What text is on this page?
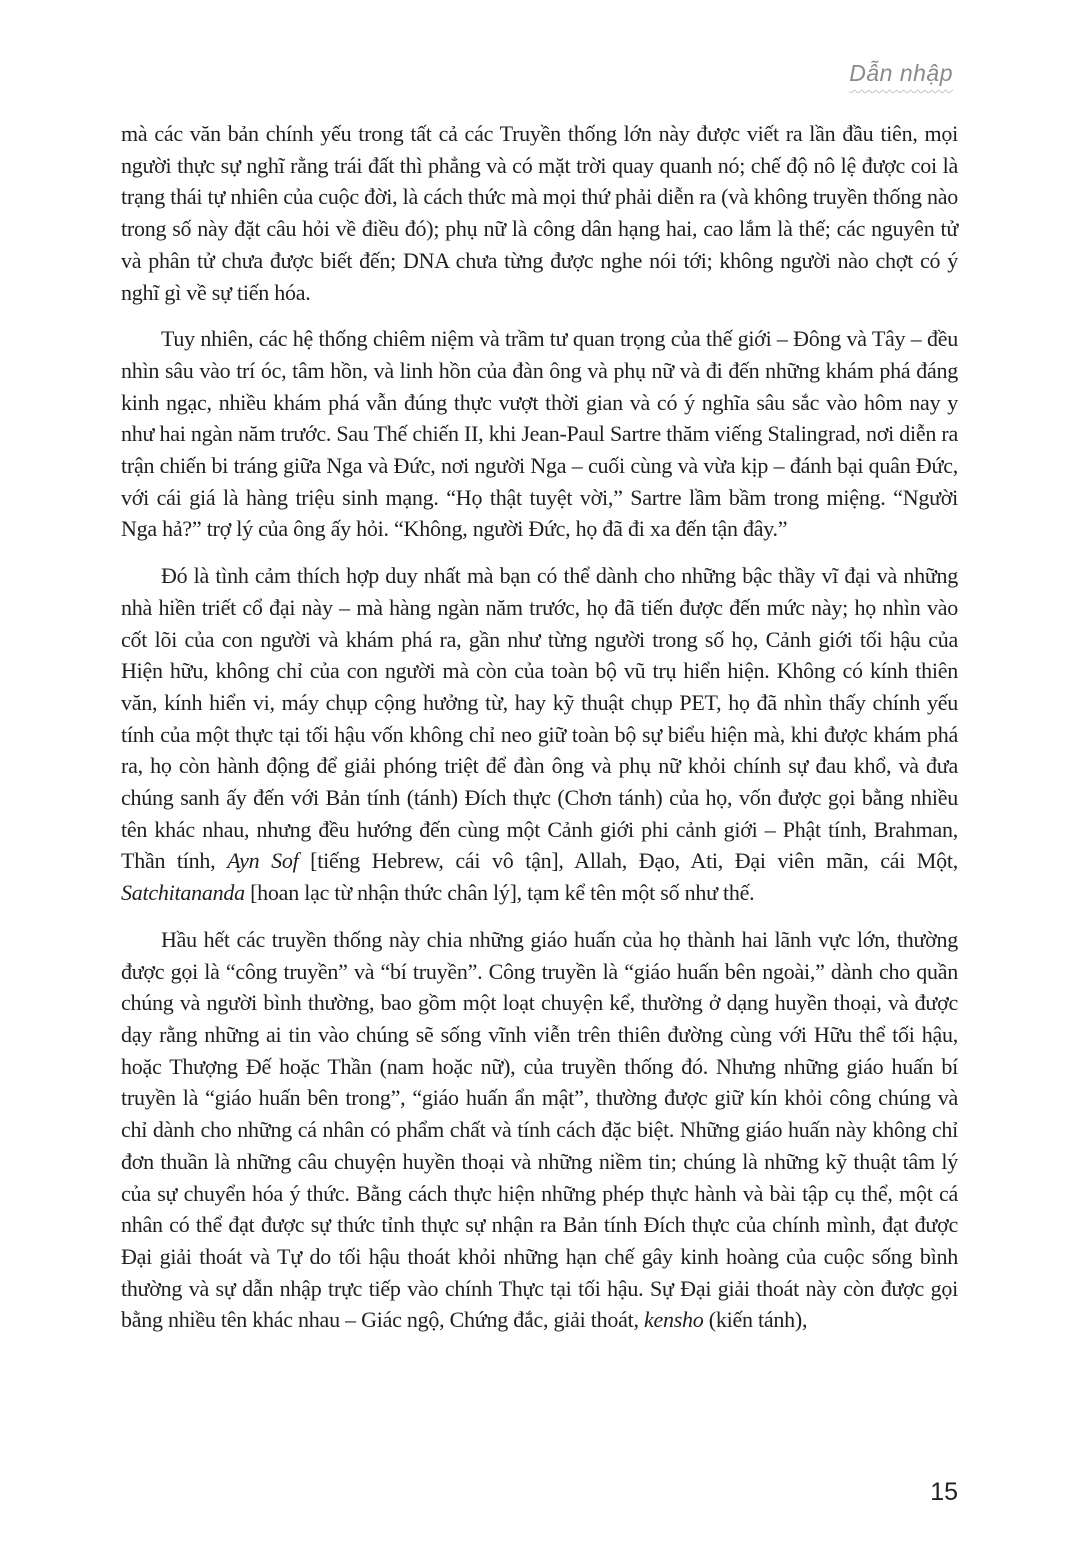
Dẫn nhập

mà các văn bản chính yếu trong tất cả các Truyền thống lớn này được viết ra lần đầu tiên, mọi người thực sự nghĩ rằng trái đất thì phẳng và có mặt trời quay quanh nó; chế độ nô lệ được coi là trạng thái tự nhiên của cuộc đời, là cách thức mà mọi thứ phải diễn ra (và không truyền thống nào trong số này đặt câu hỏi về điều đó); phụ nữ là công dân hạng hai, cao lắm là thế; các nguyên tử và phân tử chưa được biết đến; DNA chưa từng được nghe nói tới; không người nào chợt có ý nghĩ gì về sự tiến hóa.

Tuy nhiên, các hệ thống chiêm niệm và trầm tư quan trọng của thế giới – Đông và Tây – đều nhìn sâu vào trí óc, tâm hồn, và linh hồn của đàn ông và phụ nữ và đi đến những khám phá đáng kinh ngạc, nhiều khám phá vẫn đúng thực vượt thời gian và có ý nghĩa sâu sắc vào hôm nay y như hai ngàn năm trước. Sau Thế chiến II, khi Jean-Paul Sartre thăm viếng Stalingrad, nơi diễn ra trận chiến bi tráng giữa Nga và Đức, nơi người Nga – cuối cùng và vừa kịp – đánh bại quân Đức, với cái giá là hàng triệu sinh mạng. “Họ thật tuyệt vời,” Sartre lầm bầm trong miệng. “Người Nga hả?” trợ lý của ông ấy hỏi. “Không, người Đức, họ đã đi xa đến tận đây.”

Đó là tình cảm thích hợp duy nhất mà bạn có thể dành cho những bậc thầy vĩ đại và những nhà hiền triết cổ đại này – mà hàng ngàn năm trước, họ đã tiến được đến mức này; họ nhìn vào cốt lõi của con người và khám phá ra, gần như từng người trong số họ, Cảnh giới tối hậu của Hiện hữu, không chỉ của con người mà còn của toàn bộ vũ trụ hiển hiện. Không có kính thiên văn, kính hiển vi, máy chụp cộng hưởng từ, hay kỹ thuật chụp PET, họ đã nhìn thấy chính yếu tính của một thực tại tối hậu vốn không chỉ neo giữ toàn bộ sự biểu hiện mà, khi được khám phá ra, họ còn hành động để giải phóng triệt để đàn ông và phụ nữ khỏi chính sự đau khổ, và đưa chúng sanh ấy đến với Bản tính (tánh) Đích thực (Chơn tánh) của họ, vốn được gọi bằng nhiều tên khác nhau, nhưng đều hướng đến cùng một Cảnh giới phi cảnh giới – Phật tính, Brahman, Thần tính, Ayn Sof [tiếng Hebrew, cái vô tận], Allah, Đạo, Ati, Đại viên mãn, cái Một, Satchitananda [hoan lạc từ nhận thức chân lý], tạm kể tên một số như thế.

Hầu hết các truyền thống này chia những giáo huấn của họ thành hai lãnh vực lớn, thường được gọi là “công truyền” và “bí truyền”. Công truyền là “giáo huấn bên ngoài,” dành cho quần chúng và người bình thường, bao gồm một loạt chuyện kể, thường ở dạng huyền thoại, và được dạy rằng những ai tin vào chúng sẽ sống vĩnh viễn trên thiên đường cùng với Hữu thể tối hậu, hoặc Thượng Đế hoặc Thần (nam hoặc nữ), của truyền thống đó. Nhưng những giáo huấn bí truyền là “giáo huấn bên trong”, “giáo huấn ẩn mật”, thường được giữ kín khỏi công chúng và chỉ dành cho những cá nhân có phẩm chất và tính cách đặc biệt. Những giáo huấn này không chỉ đơn thuần là những câu chuyện huyền thoại và những niềm tin; chúng là những kỹ thuật tâm lý của sự chuyển hóa ý thức. Bằng cách thực hiện những phép thực hành và bài tập cụ thể, một cá nhân có thể đạt được sự thức tỉnh thực sự nhận ra Bản tính Đích thực của chính mình, đạt được Đại giải thoát và Tự do tối hậu thoát khỏi những hạn chế gây kinh hoàng của cuộc sống bình thường và sự dẫn nhập trực tiếp vào chính Thực tại tối hậu. Sự Đại giải thoát này còn được gọi bằng nhiều tên khác nhau – Giác ngộ, Chứng đắc, giải thoát, kensho (kiến tánh),

15
